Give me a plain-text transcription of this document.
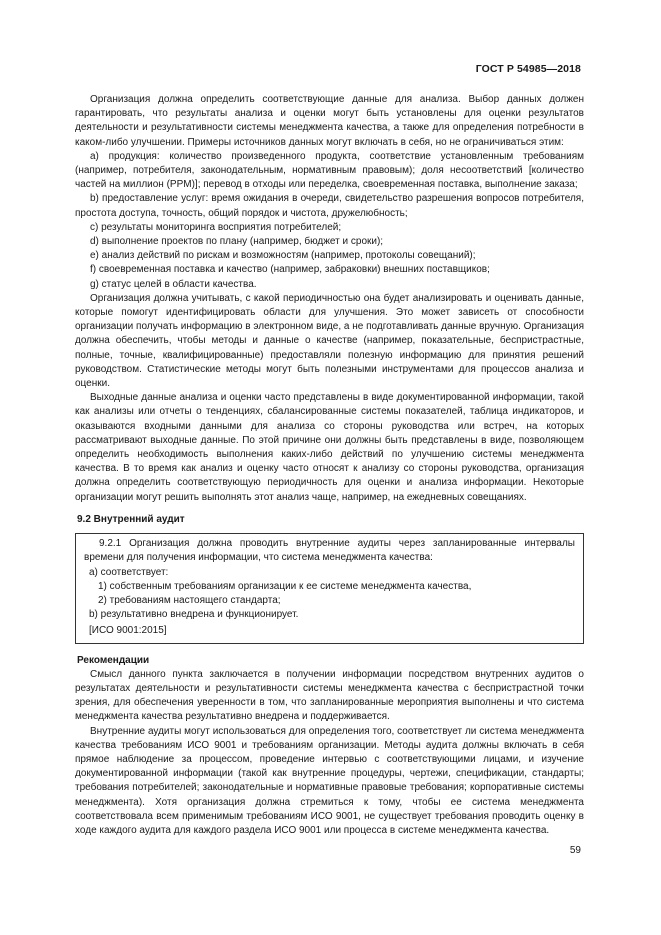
ГОСТ Р 54985—2018

Организация должна определить соответствующие данные для анализа. Выбор данных должен гарантировать, что результаты анализа и оценки могут быть установлены для оценки результатов деятельности и результативности системы менеджмента качества, а также для определения потребности в каком-либо улучшении. Примеры источников данных могут включать в себя, но не ограничиваться этим:

a) продукция: количество произведенного продукта, соответствие установленным требованиям (например, потребителя, законодательным, нормативным правовым); доля несоответствий [количество частей на миллион (PPM)]; перевод в отходы или переделка, своевременная поставка, выполнение заказа;

b) предоставление услуг: время ожидания в очереди, свидетельство разрешения вопросов потребителя, простота доступа, точность, общий порядок и чистота, дружелюбность;

c) результаты мониторинга восприятия потребителей;

d) выполнение проектов по плану (например, бюджет и сроки);

e) анализ действий по рискам и возможностям (например, протоколы совещаний);

f) своевременная поставка и качество (например, забраковки) внешних поставщиков;

g) статус целей в области качества.

Организация должна учитывать, с какой периодичностью она будет анализировать и оценивать данные, которые помогут идентифицировать области для улучшения. Это может зависеть от способности организации получать информацию в электронном виде, а не подготавливать данные вручную. Организация должна обеспечить, чтобы методы и данные о качестве (например, показательные, беспристрастные, полные, точные, квалифицированные) предоставляли полезную информацию для принятия решений руководством. Статистические методы могут быть полезными инструментами для процессов анализа и оценки.

Выходные данные анализа и оценки часто представлены в виде документированной информации, такой как анализы или отчеты о тенденциях, сбалансированные системы показателей, таблица индикаторов, и оказываются входными данными для анализа со стороны руководства или встреч, на которых рассматривают выходные данные. По этой причине они должны быть представлены в виде, позволяющем определить необходимость выполнения каких-либо действий по улучшению системы менеджмента качества. В то время как анализ и оценку часто относят к анализу со стороны руководства, организация должна определить соответствующую периодичность для оценки и анализа информации. Некоторые организации могут решить выполнять этот анализ чаще, например, на ежедневных совещаниях.

9.2 Внутренний аудит

9.2.1 Организация должна проводить внутренние аудиты через запланированные интервалы времени для получения информации, что система менеджмента качества:

a) соответствует:

1) собственным требованиям организации к ее системе менеджмента качества,

2) требованиям настоящего стандарта;

b) результативно внедрена и функционирует.

[ИСО 9001:2015]

Рекомендации

Смысл данного пункта заключается в получении информации посредством внутренних аудитов о результатах деятельности и результативности системы менеджмента качества с беспристрастной точки зрения, для обеспечения уверенности в том, что запланированные мероприятия выполнены и что система менеджмента качества результативно внедрена и поддерживается.

Внутренние аудиты могут использоваться для определения того, соответствует ли система менеджмента качества требованиям ИСО 9001 и требованиям организации. Методы аудита должны включать в себя прямое наблюдение за процессом, проведение интервью с соответствующими лицами, и изучение документированной информации (такой как внутренние процедуры, чертежи, спецификации, стандарты; требования потребителей; законодательные и нормативные правовые требования; корпоративные системы менеджмента). Хотя организация должна стремиться к тому, чтобы ее система менеджмента соответствовала всем применимым требованиям ИСО 9001, не существует требования проводить оценку в ходе каждого аудита для каждого раздела ИСО 9001 или процесса в системе менеджмента качества.

59
